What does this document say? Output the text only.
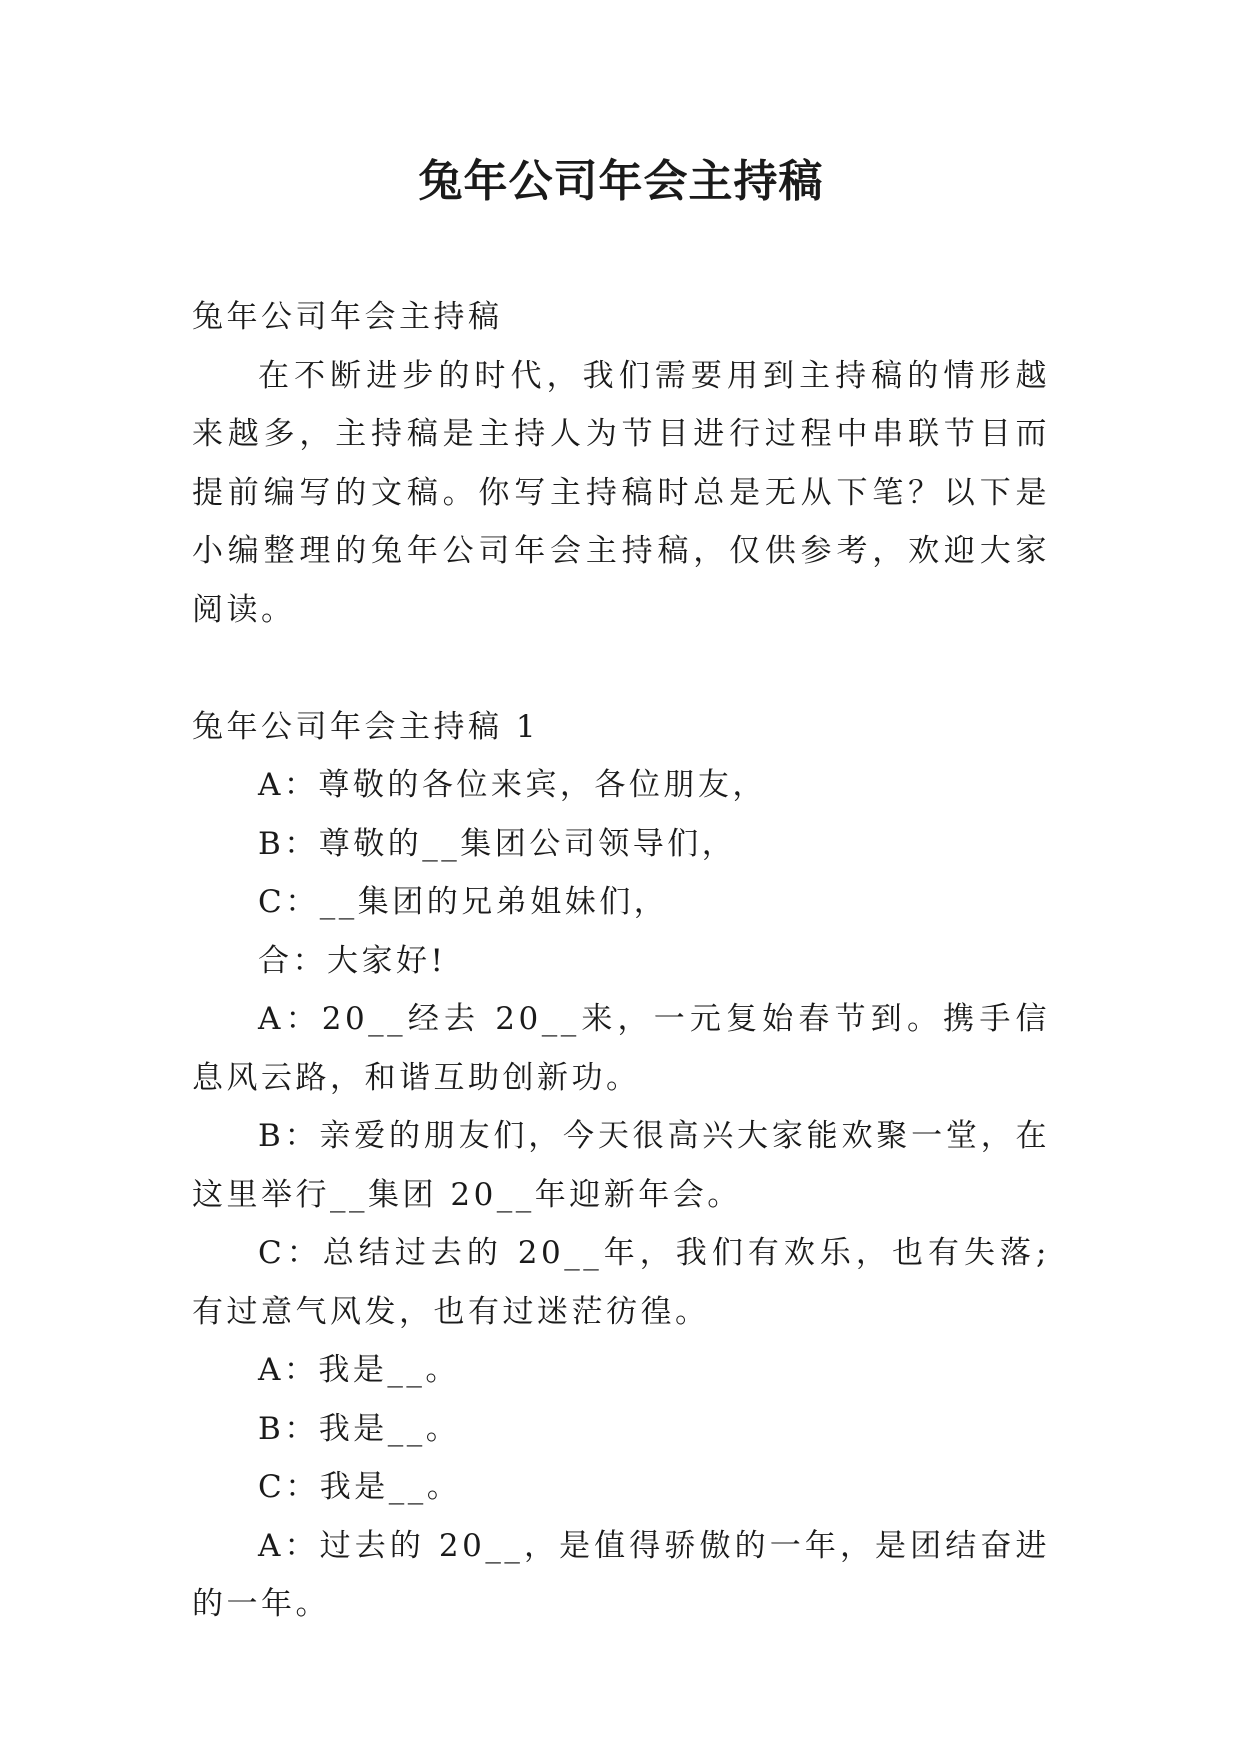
兔年公司年会主持稿

兔年公司年会主持稿

在不断进步的时代，我们需要用到主持稿的情形越来越多，主持稿是主持人为节目进行过程中串联节目而提前编写的文稿。你写主持稿时总是无从下笔？以下是小编整理的兔年公司年会主持稿，仅供参考，欢迎大家阅读。

兔年公司年会主持稿 1

A：尊敬的各位来宾，各位朋友，

B：尊敬的__集团公司领导们，

C：__集团的兄弟姐妹们，

合：大家好!

A：20__经去 20__来，一元复始春节到。携手信息风云路，和谐互助创新功。

B：亲爱的朋友们，今天很高兴大家能欢聚一堂，在这里举行__集团 20__年迎新年会。

C：总结过去的 20__年，我们有欢乐，也有失落;有过意气风发，也有过迷茫彷徨。

A：我是__。

B：我是__。

C：我是__。

A：过去的 20__，是值得骄傲的一年，是团结奋进的一年。
